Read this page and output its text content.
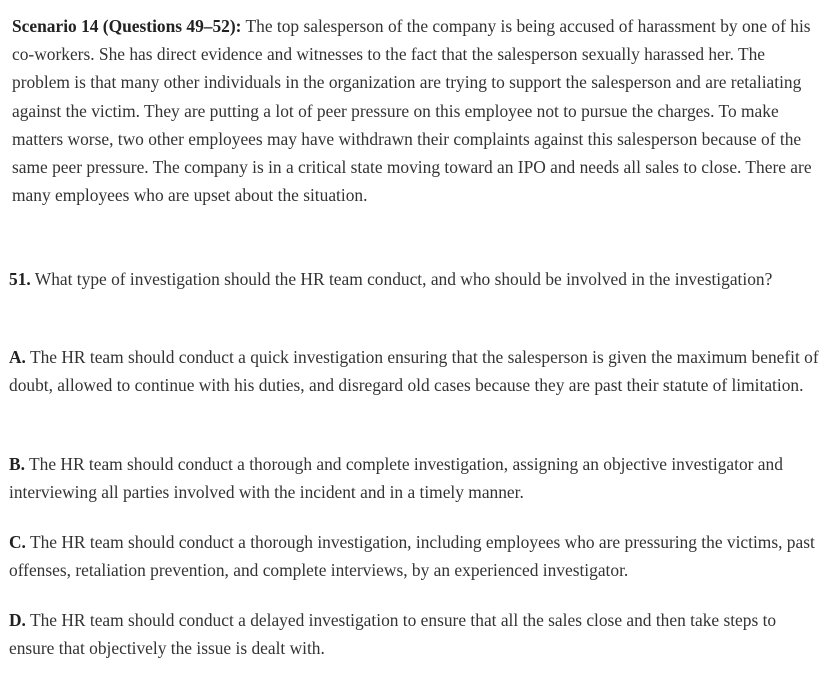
Scenario 14 (Questions 49–52): The top salesperson of the company is being accused of harassment by one of his co-workers. She has direct evidence and witnesses to the fact that the salesperson sexually harassed her. The problem is that many other individuals in the organization are trying to support the salesperson and are retaliating against the victim. They are putting a lot of peer pressure on this employee not to pursue the charges. To make matters worse, two other employees may have withdrawn their complaints against this salesperson because of the same peer pressure. The company is in a critical state moving toward an IPO and needs all sales to close. There are many employees who are upset about the situation.

51. What type of investigation should the HR team conduct, and who should be involved in the investigation?

A. The HR team should conduct a quick investigation ensuring that the salesperson is given the maximum benefit of doubt, allowed to continue with his duties, and disregard old cases because they are past their statute of limitation.

B. The HR team should conduct a thorough and complete investigation, assigning an objective investigator and interviewing all parties involved with the incident and in a timely manner.

C. The HR team should conduct a thorough investigation, including employees who are pressuring the victims, past offenses, retaliation prevention, and complete interviews, by an experienced investigator.

D. The HR team should conduct a delayed investigation to ensure that all the sales close and then take steps to ensure that objectively the issue is dealt with.
